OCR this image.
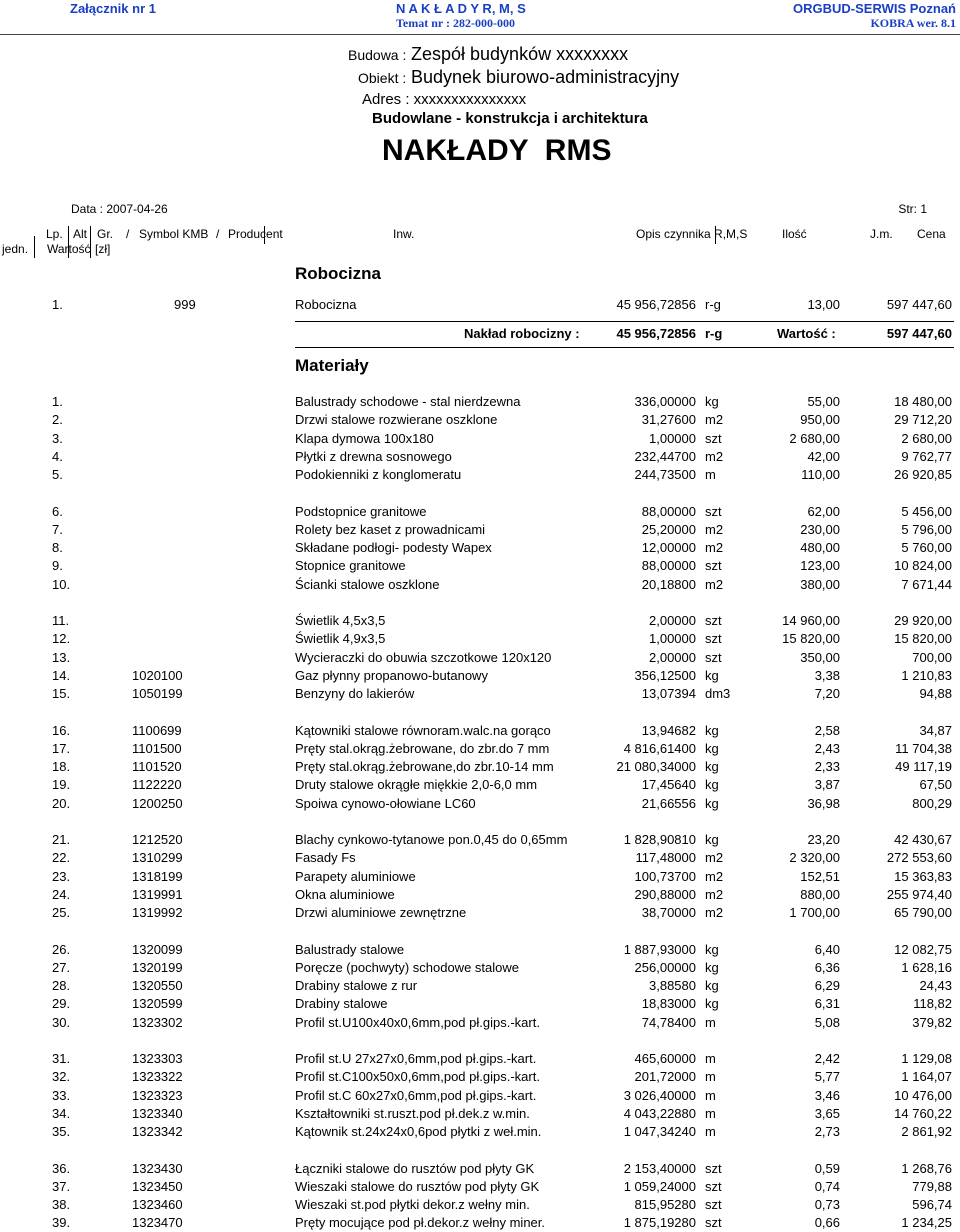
Załącznik nr 1	N A K Ł A D Y R, M, S
Temat nr : 282-000-000
ORGBUD-SERWIS Poznań
KOBRA wer. 8.1
Budowa : Zespół budynków xxxxxxxx
Obiekt : Budynek biurowo-administracyjny
Adres : xxxxxxxxxxxxxxx
Budowlane - konstrukcja i architektura
NAKŁADY  RMS
Data : 2007-04-26	Str: 1
Lp. Alt Gr. / Symbol KMB / Producent	Inw.	Opis czynnika R,M,S	Ilość	J.m. Cena
jedn. Wartość [zł]
Robocizna
1.	999	Robocizna	45 956,72856 r-g	13,00	597 447,60
Nakład robocizny :	45 956,72856 r-g	Wartość :	597 447,60
Materiały
1.	Balustrady schodowe - stal nierdzewna	336,00000 kg	55,00	18 480,00
2.	Drzwi stalowe rozwierane oszklone	31,27600 m2	950,00	29 712,20
3.	Klapa dymowa 100x180	1,00000 szt	2 680,00	2 680,00
4.	Płytki z drewna sosnowego	232,44700 m2	42,00	9 762,77
5.	Podokienniki z konglomeratu	244,73500 m	110,00	26 920,85
6.	Podstopnice granitowe	88,00000 szt	62,00	5 456,00
7.	Rolety bez kaset z prowadnicami	25,20000 m2	230,00	5 796,00
8.	Składane podłogi- podesty Wapex	12,00000 m2	480,00	5 760,00
9.	Stopnice granitowe	88,00000 szt	123,00	10 824,00
10.	Ścianki stalowe oszklone	20,18800 m2	380,00	7 671,44
11.	Świetlik 4,5x3,5	2,00000 szt	14 960,00	29 920,00
12.	Świetlik 4,9x3,5	1,00000 szt	15 820,00	15 820,00
13.	Wycieraczki do obuwia szczotkowe 120x120	2,00000 szt	350,00	700,00
14.	1020100	Gaz płynny propanowo-butanowy	356,12500 kg	3,38	1 210,83
15.	1050199	Benzyny do lakierów	13,07394 dm3	7,20	94,88
16.	1100699	Kątowniki stalowe równoram.walc.na gorąco	13,94682 kg	2,58	34,87
17.	1101500	Pręty stal.okrąg.żebrowane, do zbr.do 7 mm	4 816,61400 kg	2,43	11 704,38
18.	1101520	Pręty stal.okrąg.żebrowane,do zbr.10-14 mm	21 080,34000 kg	2,33	49 117,19
19.	1122220	Druty stalowe okrągłe miękkie 2,0-6,0 mm	17,45640 kg	3,87	67,50
20.	1200250	Spoiwa cynowo-ołowiane LC60	21,66556 kg	36,98	800,29
21.	1212520	Blachy cynkowo-tytanowe pon.0,45 do 0,65mm	1 828,90810 kg	23,20	42 430,67
22.	1310299	Fasady Fs	117,48000 m2	2 320,00	272 553,60
23.	1318199	Parapety aluminiowe	100,73700 m2	152,51	15 363,83
24.	1319991	Okna aluminiowe	290,88000 m2	880,00	255 974,40
25.	1319992	Drzwi aluminiowe zewnętrzne	38,70000 m2	1 700,00	65 790,00
26.	1320099	Balustrady stalowe	1 887,93000 kg	6,40	12 082,75
27.	1320199	Poręcze (pochwyty) schodowe stalowe	256,00000 kg	6,36	1 628,16
28.	1320550	Drabiny stalowe z rur	3,88580 kg	6,29	24,43
29.	1320599	Drabiny stalowe	18,83000 kg	6,31	118,82
30.	1323302	Profil st.U100x40x0,6mm,pod pł.gips.-kart.	74,78400 m	5,08	379,82
31.	1323303	Profil st.U 27x27x0,6mm,pod pł.gips.-kart.	465,60000 m	2,42	1 129,08
32.	1323322	Profil st.C100x50x0,6mm,pod pł.gips.-kart.	201,72000 m	5,77	1 164,07
33.	1323323	Profil st.C 60x27x0,6mm,pod pł.gips.-kart.	3 026,40000 m	3,46	10 476,00
34.	1323340	Kształtowniki st.ruszt.pod pł.dek.z w.min.	4 043,22880 m	3,65	14 760,22
35.	1323342	Kątownik st.24x24x0,6pod płytki z weł.min.	1 047,34240 m	2,73	2 861,92
36.	1323430	Łączniki stalowe do rusztów pod płyty GK	2 153,40000 szt	0,59	1 268,76
37.	1323450	Wieszaki stalowe do rusztów pod płyty GK	1 059,24000 szt	0,74	779,88
38.	1323460	Wieszaki st.pod płytki dekor.z wełny min.	815,95280 szt	0,73	596,74
39.	1323470	Pręty mocujące pod pł.dekor.z wełny miner.	1 875,19280 szt	0,66	1 234,25
